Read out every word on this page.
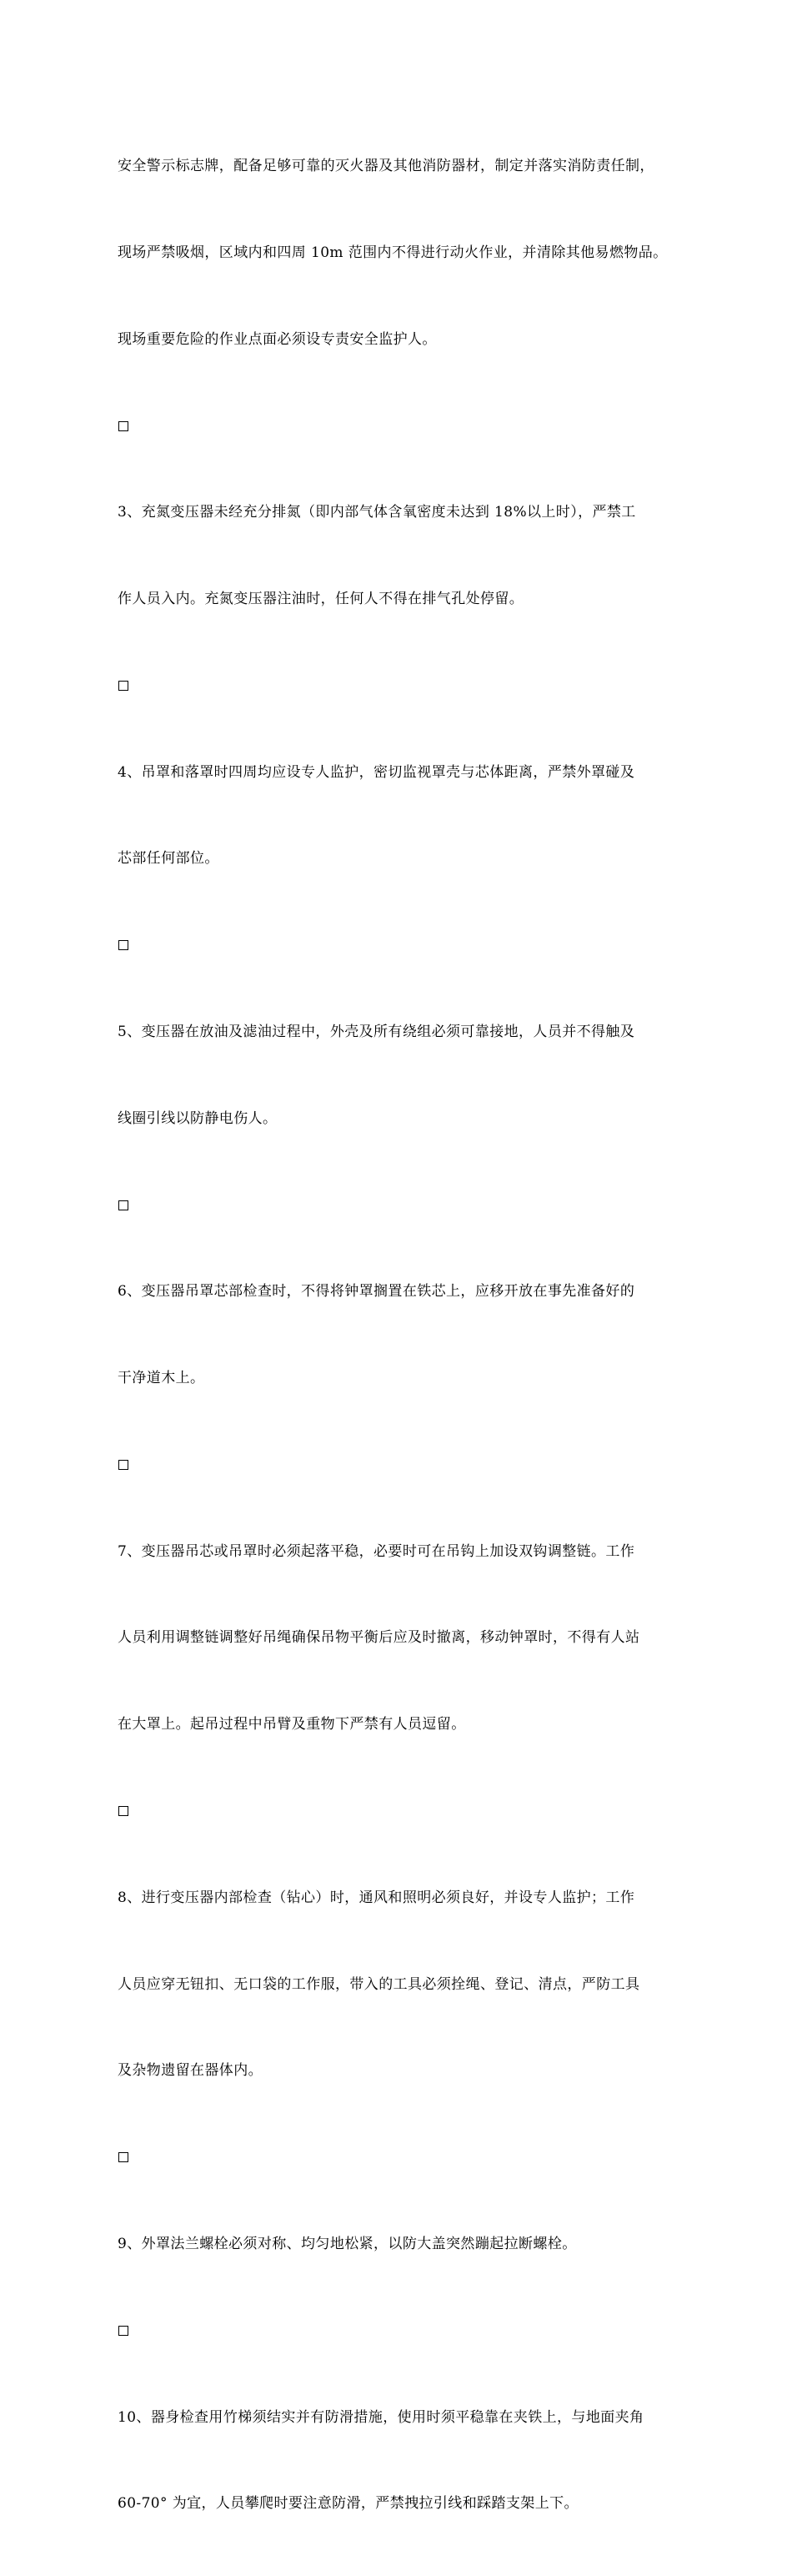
安全警示标志牌，配备足够可靠的灭火器及其他消防器材，制定并落实消防责任制，

现场严禁吸烟，区域内和四周 10m 范围内不得进行动火作业，并清除其他易燃物品。

现场重要危险的作业点面必须设专责安全监护人。

3、充氮变压器未经充分排氮（即内部气体含氧密度未达到 18%以上时），严禁工

作人员入内。充氮变压器注油时，任何人不得在排气孔处停留。

4、吊罩和落罩时四周均应设专人监护，密切监视罩壳与芯体距离，严禁外罩碰及

芯部任何部位。

5、变压器在放油及滤油过程中，外壳及所有绕组必须可靠接地，人员并不得触及

线圈引线以防静电伤人。

6、变压器吊罩芯部检查时，不得将钟罩搁置在铁芯上，应移开放在事先准备好的

干净道木上。

7、变压器吊芯或吊罩时必须起落平稳，必要时可在吊钩上加设双钩调整链。工作

人员利用调整链调整好吊绳确保吊物平衡后应及时撤离，移动钟罩时，不得有人站

在大罩上。起吊过程中吊臂及重物下严禁有人员逗留。

8、进行变压器内部检查（钻心）时，通风和照明必须良好，并设专人监护；工作

人员应穿无钮扣、无口袋的工作服，带入的工具必须拴绳、登记、清点，严防工具

及杂物遗留在器体内。

9、外罩法兰螺栓必须对称、均匀地松紧，以防大盖突然蹦起拉断螺栓。

10、器身检查用竹梯须结实并有防滑措施，使用时须平稳靠在夹铁上，与地面夹角

60-70° 为宜，人员攀爬时要注意防滑，严禁拽拉引线和踩踏支架上下。
